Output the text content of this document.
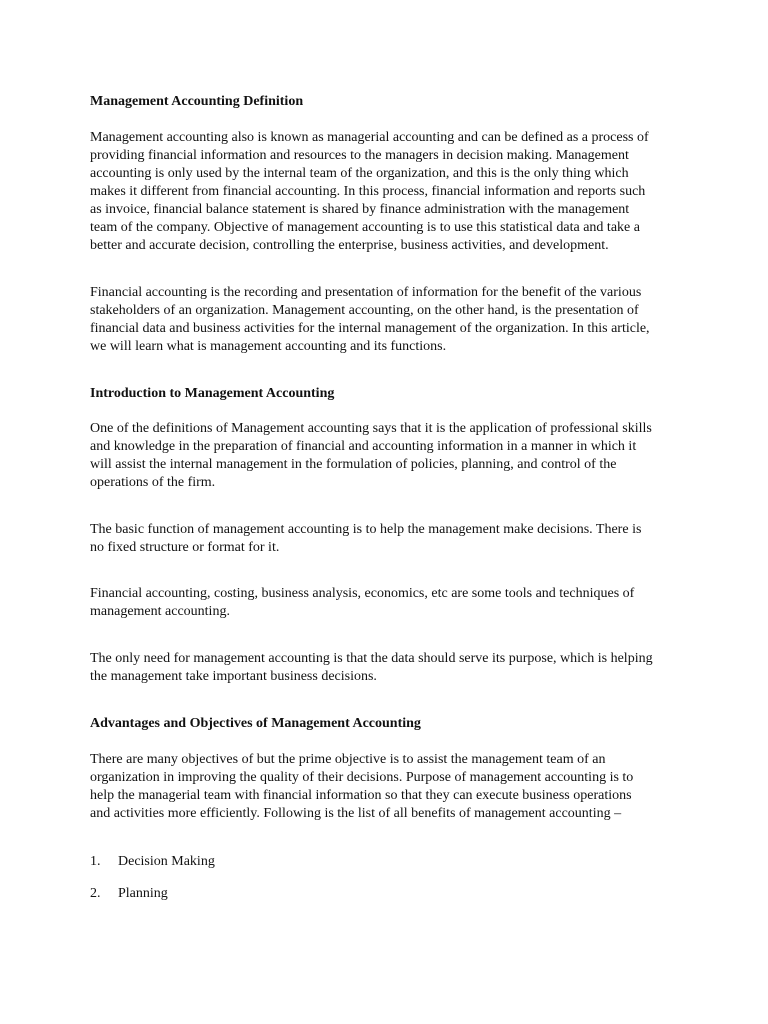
Management Accounting Definition
Management accounting also is known as managerial accounting and can be defined as a process of
providing financial information and resources to the managers in decision making. Management
accounting is only used by the internal team of the organization, and this is the only thing which
makes it different from financial accounting. In this process, financial information and reports such
as invoice, financial balance statement is shared by finance administration with the management
team of the company. Objective of management accounting is to use this statistical data and take a
better and accurate decision, controlling the enterprise, business activities, and development.
Financial accounting is the recording and presentation of information for the benefit of the various
stakeholders of an organization. Management accounting, on the other hand, is the presentation of
financial data and business activities for the internal management of the organization. In this article,
we will learn what is management accounting and its functions.
Introduction to Management Accounting
One of the definitions of Management accounting says that it is the application of professional skills
and knowledge in the preparation of financial and accounting information in a manner in which it
will assist the internal management in the formulation of policies, planning, and control of the
operations of the firm.
The basic function of management accounting is to help the management make decisions. There is
no fixed structure or format for it.
Financial accounting, costing, business analysis, economics, etc are some tools and techniques of
management accounting.
The only need for management accounting is that the data should serve its purpose, which is helping
the management take important business decisions.
Advantages and Objectives of Management Accounting
There are many objectives of but the prime objective is to assist the management team of an
organization in improving the quality of their decisions. Purpose of management accounting is to
help the managerial team with financial information so that they can execute business operations
and activities more efficiently. Following is the list of all benefits of management accounting –
1. Decision Making
2. Planning
